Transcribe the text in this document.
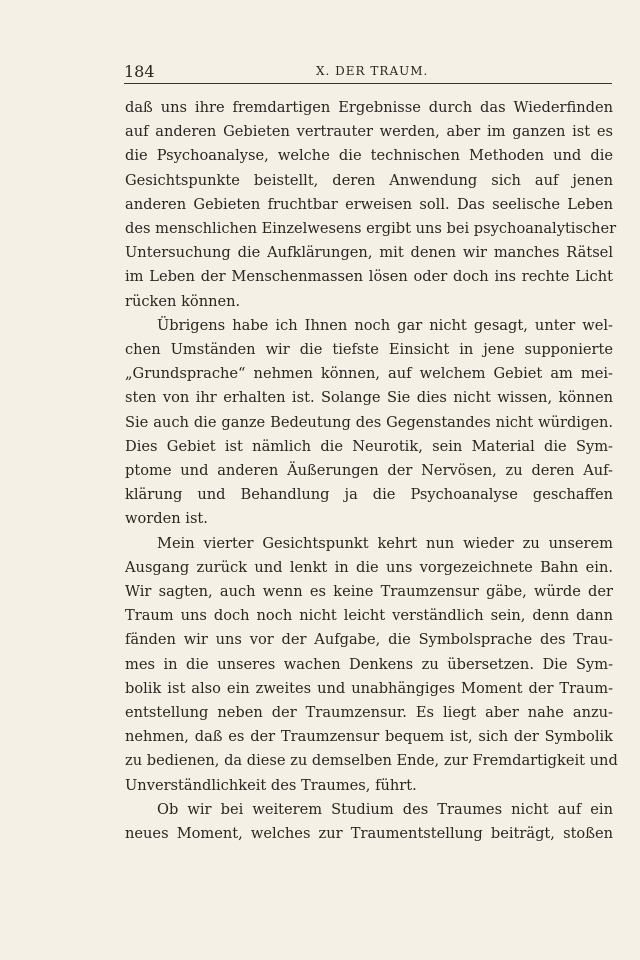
184	X. DER TRAUM.
daß uns ihre fremdartigen Ergebnisse durch das Wiederfinden
auf anderen Gebieten vertrauter werden, aber im ganzen ist es
die Psychoanalyse, welche die technischen Methoden und die
Gesichtspunkte beistellt, deren Anwendung sich auf jenen
anderen Gebieten fruchtbar erweisen soll. Das seelische Leben
des menschlichen Einzelwesens ergibt uns bei psychoanalytischer
Untersuchung die Aufklärungen, mit denen wir manches Rätsel
im Leben der Menschenmassen lösen oder doch ins rechte Licht
rücken können.
Übrigens habe ich Ihnen noch gar nicht gesagt, unter wel-
chen Umständen wir die tiefste Einsicht in jene supponierte
„Grundsprache“ nehmen können, auf welchem Gebiet am mei-
sten von ihr erhalten ist. Solange Sie dies nicht wissen, können
Sie auch die ganze Bedeutung des Gegenstandes nicht würdigen.
Dies Gebiet ist nämlich die Neurotik, sein Material die Sym-
ptome und anderen Äußerungen der Nervösen, zu deren Auf-
klärung und Behandlung ja die Psychoanalyse geschaffen
worden ist.
Mein vierter Gesichtspunkt kehrt nun wieder zu unserem
Ausgang zurück und lenkt in die uns vorgezeichnete Bahn ein.
Wir sagten, auch wenn es keine Traumzensur gäbe, würde der
Traum uns doch noch nicht leicht verständlich sein, denn dann
fänden wir uns vor der Aufgabe, die Symbolsprache des Trau-
mes in die unseres wachen Denkens zu übersetzen. Die Sym-
bolik ist also ein zweites und unabhängiges Moment der Traum-
entstellung neben der Traumzensur. Es liegt aber nahe anzu-
nehmen, daß es der Traumzensur bequem ist, sich der Symbolik
zu bedienen, da diese zu demselben Ende, zur Fremdartigkeit und
Unverständlichkeit des Traumes, führt.
Ob wir bei weiterem Studium des Traumes nicht auf ein
neues Moment, welches zur Traumentstellung beiträgt, stoßen
